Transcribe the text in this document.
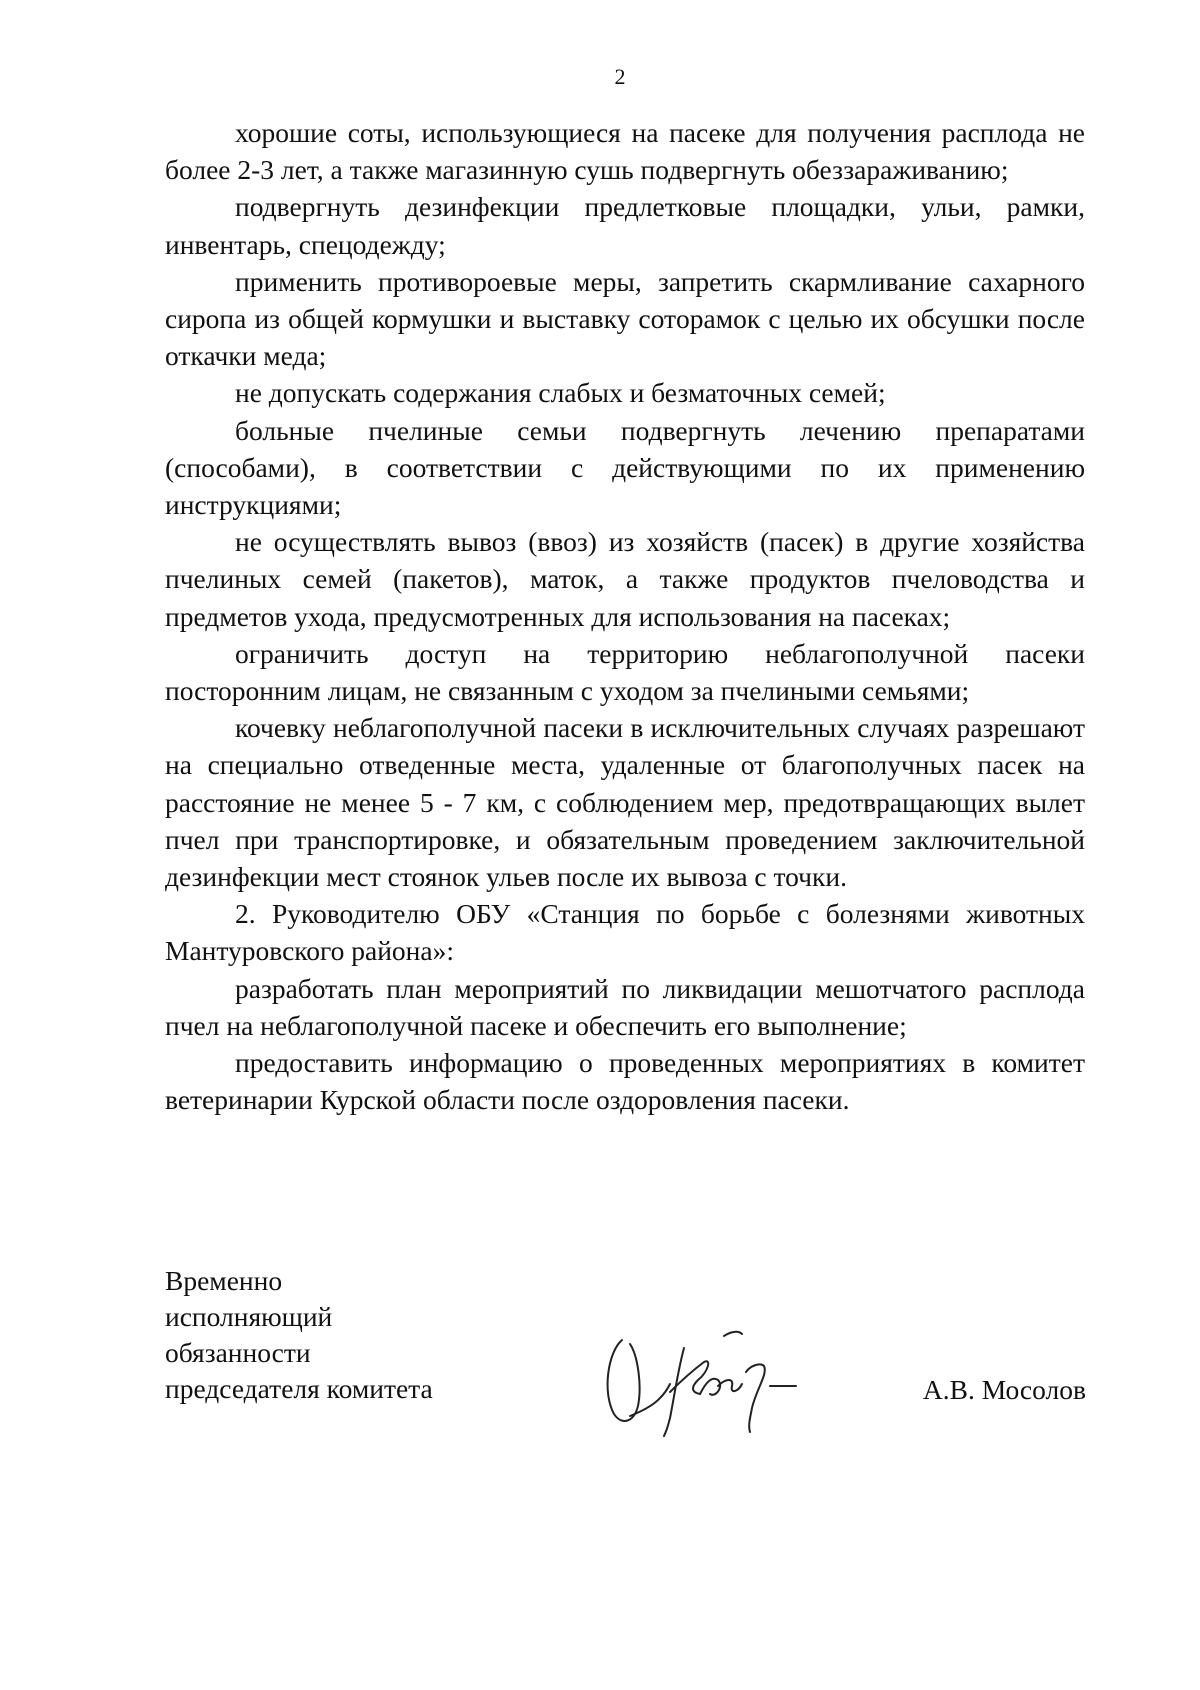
2

хорошие соты, использующиеся на пасеке для получения расплода не более 2-3 лет, а также магазинную сушь подвергнуть обеззараживанию;

подвергнуть дезинфекции предлетковые площадки, ульи, рамки, инвентарь, спецодежду;

применить противороевые меры, запретить скармливание сахарного сиропа из общей кормушки и выставку сотoрамок с целью их обсушки после откачки меда;

не допускать содержания слабых и безматочных семей;

больные пчелиные семьи подвергнуть лечению препаратами (способами), в соответствии с действующими по их применению инструкциями;

не осуществлять вывоз (ввоз) из хозяйств (пасек) в другие хозяйства пчелиных семей (пакетов), маток, а также продуктов пчеловодства и предметов ухода, предусмотренных для использования на пасеках;

ограничить доступ на территорию неблагополучной пасеки посторонним лицам, не связанным с уходом за пчелиными семьями;

кочевку неблагополучной пасеки в исключительных случаях разрешают на специально отведенные места, удаленные от благополучных пасек на расстояние не менее 5 - 7 км, с соблюдением мер, предотвращающих вылет пчел при транспортировке, и обязательным проведением заключительной дезинфекции мест стоянок ульев после их вывоза с точки.

2. Руководителю ОБУ «Станция по борьбе с болезнями животных Мантуровского района»:

разработать план мероприятий по ликвидации мешотчатого расплода пчел на неблагополучной пасеке и обеспечить его выполнение;

предоставить информацию о проведенных мероприятиях в комитет ветеринарии Курской области после оздоровления пасеки.

Временно
исполняющий
обязанности
председателя комитета	А.В. Мосолов
